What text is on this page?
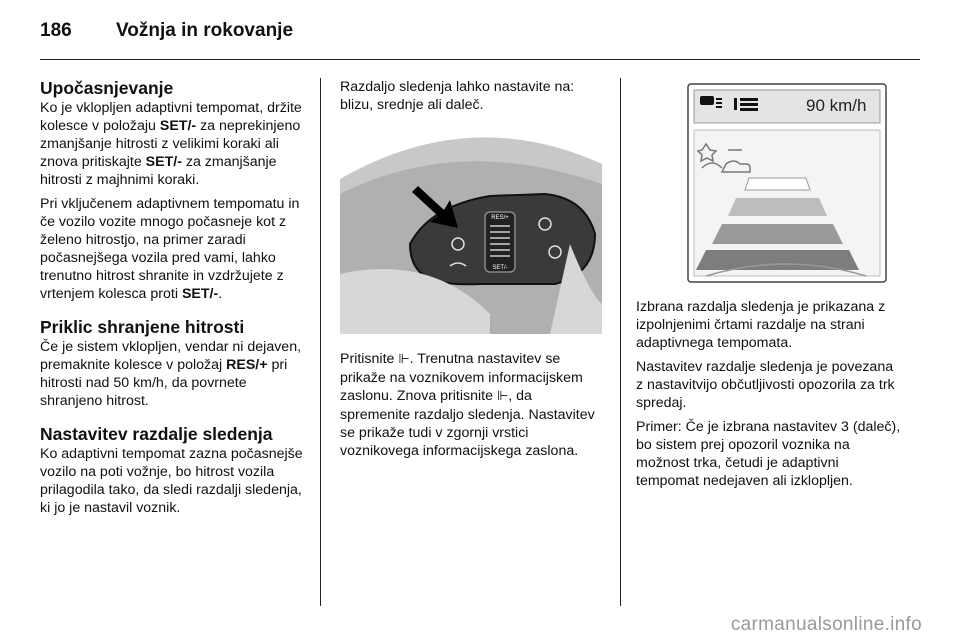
186 Vožnja in rokovanje
Upočasnjevanje

Ko je vklopljen adaptivni tempomat, držite kolesce v položaju SET/- za neprekinjeno zmanjšanje hitrosti z velikimi koraki ali znova pritiskajte SET/- za zmanjšanje hitrosti z majhnimi koraki.

Pri vključenem adaptivnem tempomatu in če vozilo vozite mnogo počasneje kot z želeno hitrostjo, na primer zaradi počasnejšega vozila pred vami, lahko trenutno hitrost shranite in vzdržujete z vrtenjem kolesca proti SET/-.

Priklic shranjene hitrosti

Če je sistem vklopljen, vendar ni dejaven, premaknite kolesce v položaj RES/+ pri hitrosti nad 50 km/h, da povrnete shranjeno hitrost.

Nastavitev razdalje sledenja

Ko adaptivni tempomat zazna počasnejše vozilo na poti vožnje, bo hitrost vozila prilagodila tako, da sledi razdalji sledenja, ki jo je nastavil voznik.

Razdaljo sledenja lahko nastavite na: blizu, srednje ali daleč.

RES/+
SET/-

Pritisnite ⊩. Trenutna nastavitev se prikaže na voznikovem informacijskem zaslonu. Znova pritisnite ⊩, da spremenite razdaljo sledenja. Nastavitev se prikaže tudi v zgornji vrstici voznikovega informacijskega zaslona.

90 km/h

Izbrana razdalja sledenja je prikazana z izpolnjenimi črtami razdalje na strani adaptivnega tempomata.

Nastavitev razdalje sledenja je povezana z nastavitvijo občutljivosti opozorila za trk spredaj.

Primer: Če je izbrana nastavitev 3 (daleč), bo sistem prej opozoril voznika na možnost trka, četudi je adaptivni tempomat nedejaven ali izklopljen.

carmanualsonline.info
